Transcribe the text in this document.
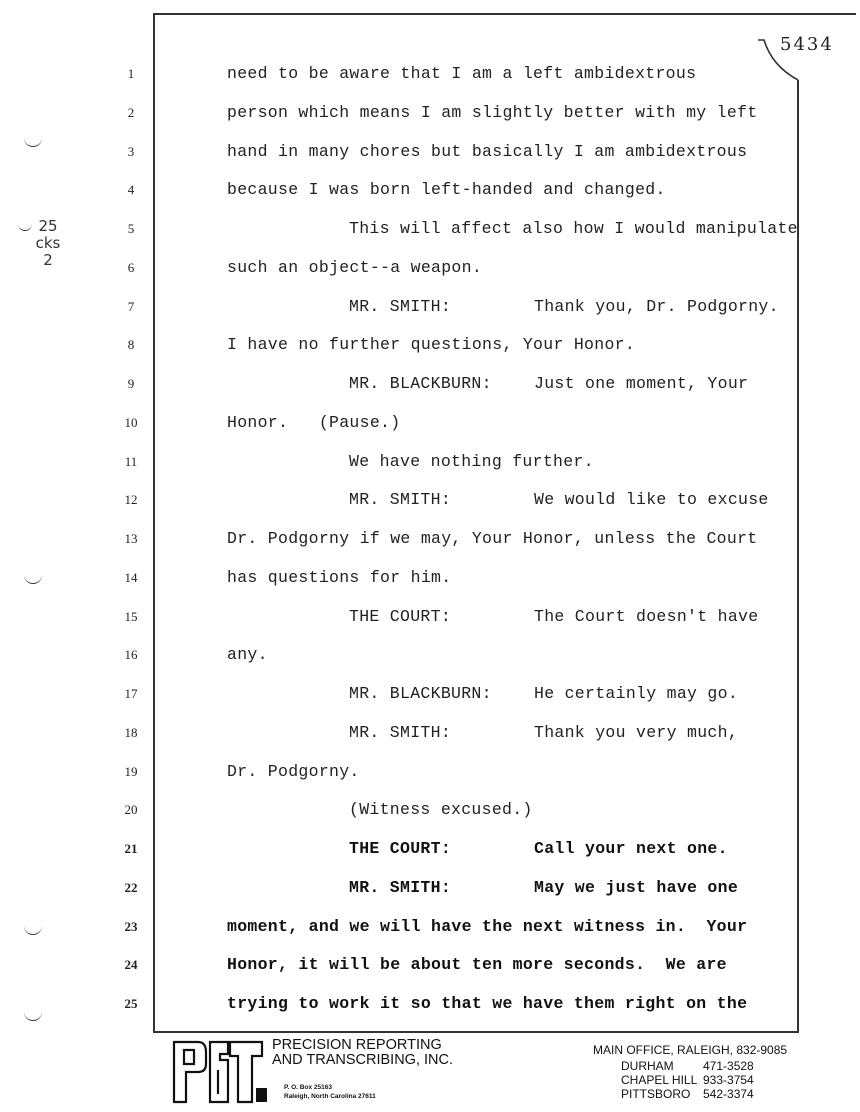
5434
25
cks
2
1	need to be aware that I am a left ambidextrous
2	person which means I am slightly better with my left
3	hand in many chores but basically I am ambidextrous
4	because I was born left-handed and changed.
5	This will affect also how I would manipulate
6	such an object--a weapon.
7	MR. SMITH:	Thank you, Dr. Podgorny.
8	I have no further questions, Your Honor.
9	MR. BLACKBURN:	Just one moment, Your
10	Honor.   (Pause.)
11	We have nothing further.
12	MR. SMITH:	We would like to excuse
13	Dr. Podgorny if we may, Your Honor, unless the Court
14	has questions for him.
15	THE COURT:	The Court doesn't have
16	any.
17	MR. BLACKBURN:	He certainly may go.
18	MR. SMITH:	Thank you very much,
19	Dr. Podgorny.
20	(Witness excused.)
21	THE COURT:	Call your next one.
22	MR. SMITH:	May we just have one
23	moment, and we will have the next witness in.  Your
24	Honor, it will be about ten more seconds.  We are
25	trying to work it so that we have them right on the
PRECISION REPORTING
AND TRANSCRIBING, INC.
P. O. Box 25163
Raleigh, North Carolina 27611
MAIN OFFICE, RALEIGH, 832-9085
DURHAM	471-3528
CHAPEL HILL 933-3754
PITTSBORO	542-3374
